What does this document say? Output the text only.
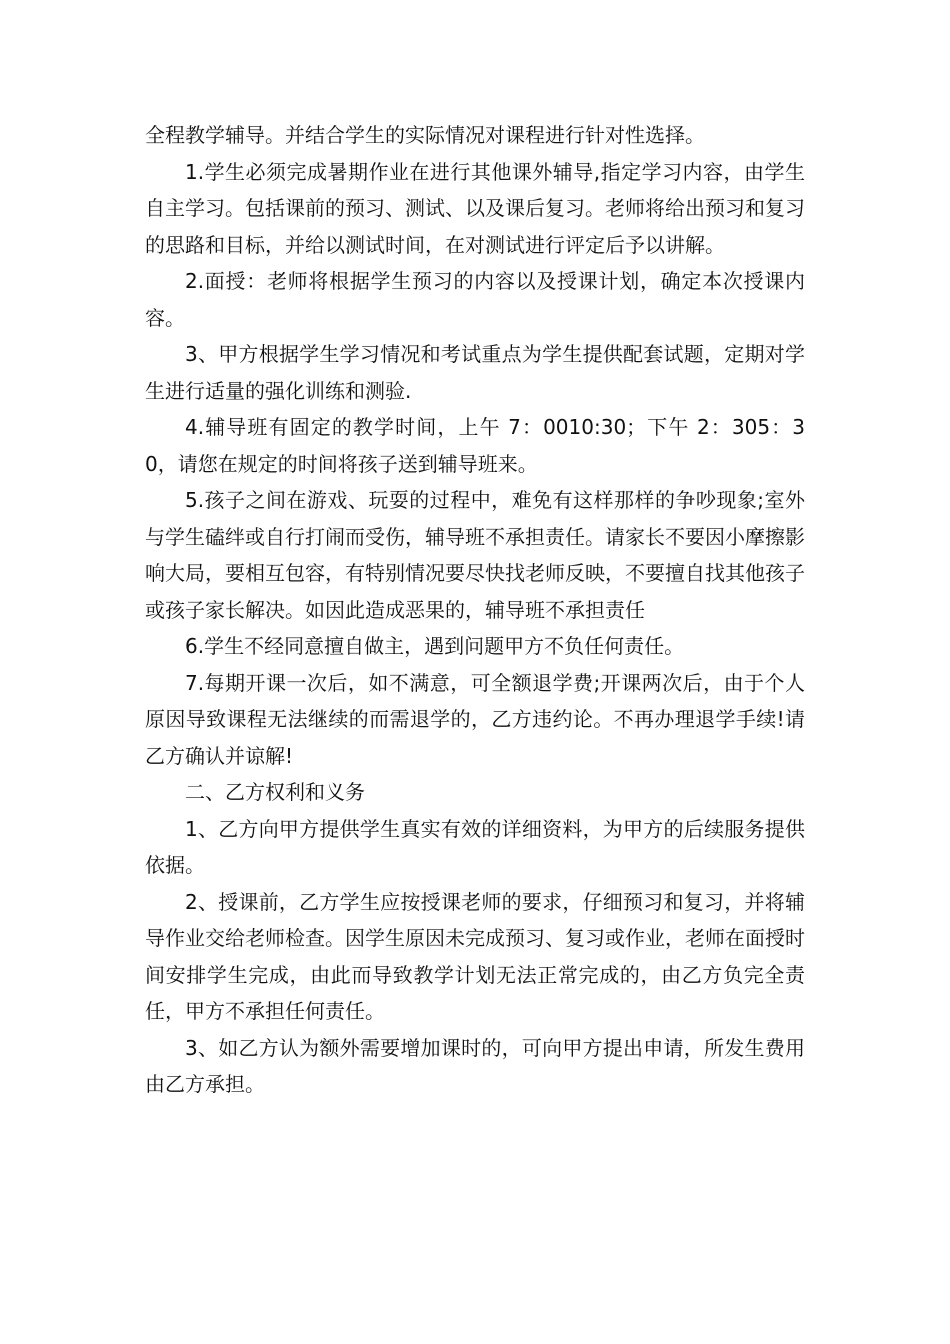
全程教学辅导。并结合学生的实际情况对课程进行针对性选择。

1.学生必须完成暑期作业在进行其他课外辅导,指定学习内容，由学生自主学习。包括课前的预习、测试、以及课后复习。老师将给出预习和复习的思路和目标，并给以测试时间，在对测试进行评定后予以讲解。

2.面授：老师将根据学生预习的内容以及授课计划，确定本次授课内容。

3、甲方根据学生学习情况和考试重点为学生提供配套试题，定期对学生进行适量的强化训练和测验.

4.辅导班有固定的教学时间，上午 7：0010:30；下午 2：305：30，请您在规定的时间将孩子送到辅导班来。

5.孩子之间在游戏、玩耍的过程中，难免有这样那样的争吵现象;室外与学生磕绊或自行打闹而受伤，辅导班不承担责任。请家长不要因小摩擦影响大局，要相互包容，有特别情况要尽快找老师反映，不要擅自找其他孩子或孩子家长解决。如因此造成恶果的，辅导班不承担责任

6.学生不经同意擅自做主，遇到问题甲方不负任何责任。

7.每期开课一次后，如不满意，可全额退学费;开课两次后，由于个人原因导致课程无法继续的而需退学的，乙方违约论。不再办理退学手续!请乙方确认并谅解!

二、乙方权利和义务

1、乙方向甲方提供学生真实有效的详细资料，为甲方的后续服务提供依据。

2、授课前，乙方学生应按授课老师的要求，仔细预习和复习，并将辅导作业交给老师检查。因学生原因未完成预习、复习或作业，老师在面授时间安排学生完成，由此而导致教学计划无法正常完成的，由乙方负完全责任，甲方不承担任何责任。

3、如乙方认为额外需要增加课时的，可向甲方提出申请，所发生费用由乙方承担。
